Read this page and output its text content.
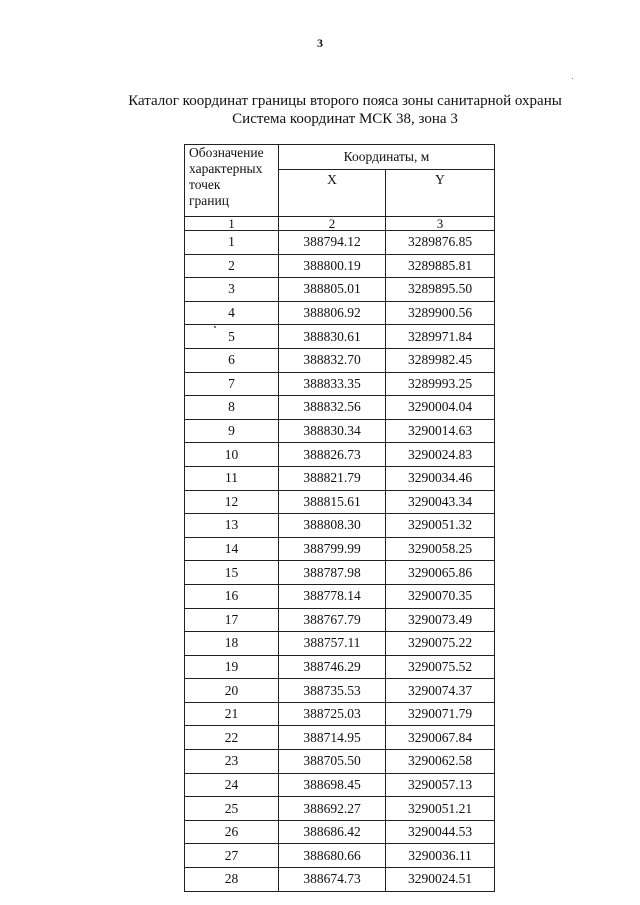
3
Каталог координат границы второго пояса зоны санитарной охраны
Система координат МСК 38, зона 3
Обозначение
характерных
точек
границ	Координаты, м	
	X	Y
1	2	3
1	388794.12	3289876.85
2	388800.19	3289885.81
3	388805.01	3289895.50
4	388806.92	3289900.56
5	388830.61	3289971.84
6	388832.70	3289982.45
7	388833.35	3289993.25
8	388832.56	3290004.04
9	388830.34	3290014.63
10	388826.73	3290024.83
11	388821.79	3290034.46
12	388815.61	3290043.34
13	388808.30	3290051.32
14	388799.99	3290058.25
15	388787.98	3290065.86
16	388778.14	3290070.35
17	388767.79	3290073.49
18	388757.11	3290075.22
19	388746.29	3290075.52
20	388735.53	3290074.37
21	388725.03	3290071.79
22	388714.95	3290067.84
23	388705.50	3290062.58
24	388698.45	3290057.13
25	388692.27	3290051.21
26	388686.42	3290044.53
27	388680.66	3290036.11
28	388674.73	3290024.51
